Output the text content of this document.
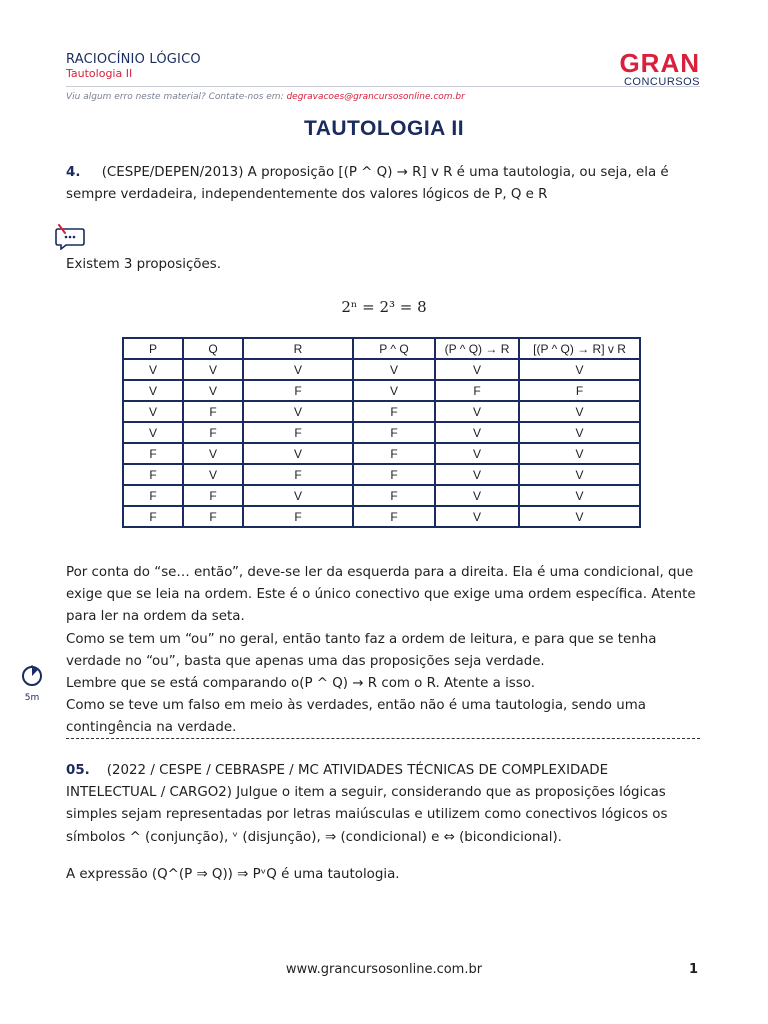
RACIOCÍNIO LÓGICO
Tautologia II	GRAN
CONCURSOS
Viu algum erro neste material? Contate-nos em: degravacoes@grancursosonline.com.br
TAUTOLOGIA II
4. (CESPE/DEPEN/2013) A proposição [(P ^ Q) → R] v R é uma tautologia, ou seja, ela é sempre verdadeira, independentemente dos valores lógicos de P, Q e R
Existem 3 proposições.
2ⁿ = 2³ = 8
P	Q	R	P ^ Q	(P ^ Q) → R	[(P ^ Q) → R] v R
V	V	V	V	V	V
V	V	F	V	F	F
V	F	V	F	V	V
V	F	F	F	V	V
F	V	V	F	V	V
F	V	F	F	V	V
F	F	V	F	V	V
F	F	F	F	V	V
Por conta do “se… então”, deve-se ler da esquerda para a direita. Ela é uma condicional, que exige que se leia na ordem. Este é o único conectivo que exige uma ordem específica. Atente para ler na ordem da seta.
Como se tem um “ou” no geral, então tanto faz a ordem de leitura, e para que se tenha verdade no “ou”, basta que apenas uma das proposições seja verdade.
Lembre que se está comparando o(P ^ Q) → R com o R. Atente a isso.
Como se teve um falso em meio às verdades, então não é uma tautologia, sendo uma contingência na verdade.
5m
05. (2022 / CESPE / CEBRASPE / MC ATIVIDADES TÉCNICAS DE COMPLEXIDADE INTELECTUAL / CARGO2) Julgue o item a seguir, considerando que as proposições lógicas simples sejam representadas por letras maiúsculas e utilizem como conectivos lógicos os símbolos ^ (conjunção), ᵛ (disjunção), ⇒ (condicional) e ⇔ (bicondicional).
A expressão (Q^(P ⇒ Q)) ⇒ PᵛQ é uma tautologia.
www.grancursosonline.com.br	1
